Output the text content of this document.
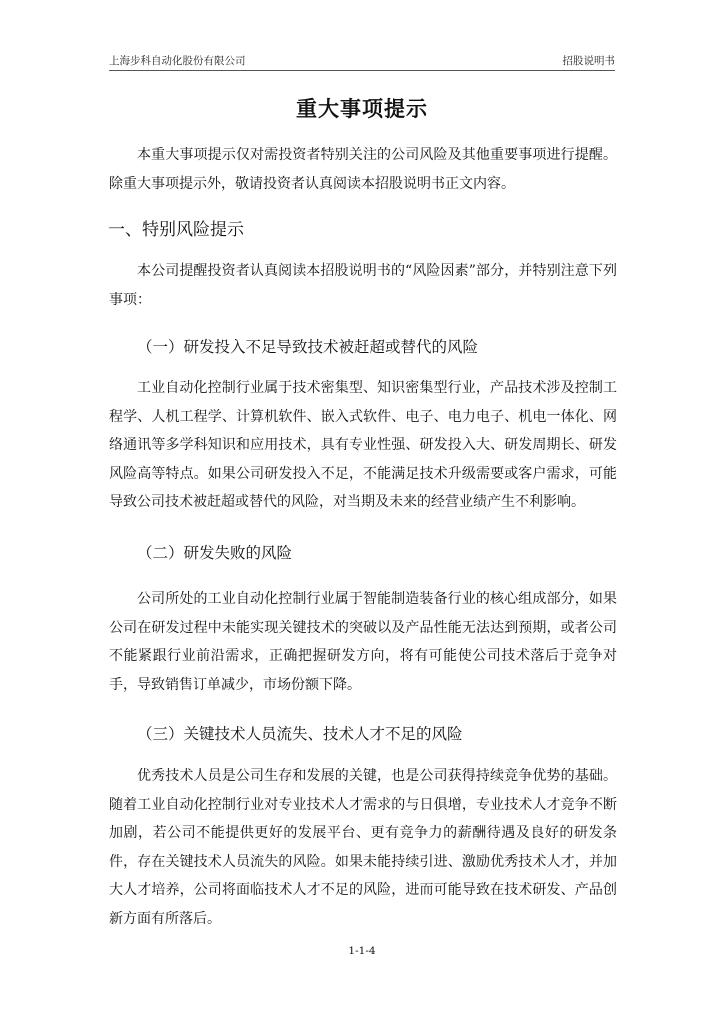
上海步科自动化股份有限公司	招股说明书
重大事项提示

本重大事项提示仅对需投资者特别关注的公司风险及其他重要事项进行提醒。除重大事项提示外，敬请投资者认真阅读本招股说明书正文内容。

一、特别风险提示

本公司提醒投资者认真阅读本招股说明书的“风险因素”部分，并特别注意下列事项：

（一）研发投入不足导致技术被赶超或替代的风险

工业自动化控制行业属于技术密集型、知识密集型行业，产品技术涉及控制工程学、人机工程学、计算机软件、嵌入式软件、电子、电力电子、机电一体化、网络通讯等多学科知识和应用技术，具有专业性强、研发投入大、研发周期长、研发风险高等特点。如果公司研发投入不足，不能满足技术升级需要或客户需求，可能导致公司技术被赶超或替代的风险，对当期及未来的经营业绩产生不利影响。

（二）研发失败的风险

公司所处的工业自动化控制行业属于智能制造装备行业的核心组成部分，如果公司在研发过程中未能实现关键技术的突破以及产品性能无法达到预期，或者公司不能紧跟行业前沿需求，正确把握研发方向，将有可能使公司技术落后于竞争对手，导致销售订单减少，市场份额下降。

（三）关键技术人员流失、技术人才不足的风险

优秀技术人员是公司生存和发展的关键，也是公司获得持续竞争优势的基础。随着工业自动化控制行业对专业技术人才需求的与日俱增，专业技术人才竞争不断加剧，若公司不能提供更好的发展平台、更有竞争力的薪酬待遇及良好的研发条件，存在关键技术人员流失的风险。如果未能持续引进、激励优秀技术人才，并加大人才培养，公司将面临技术人才不足的风险，进而可能导致在技术研发、产品创新方面有所落后。

1-1-4
